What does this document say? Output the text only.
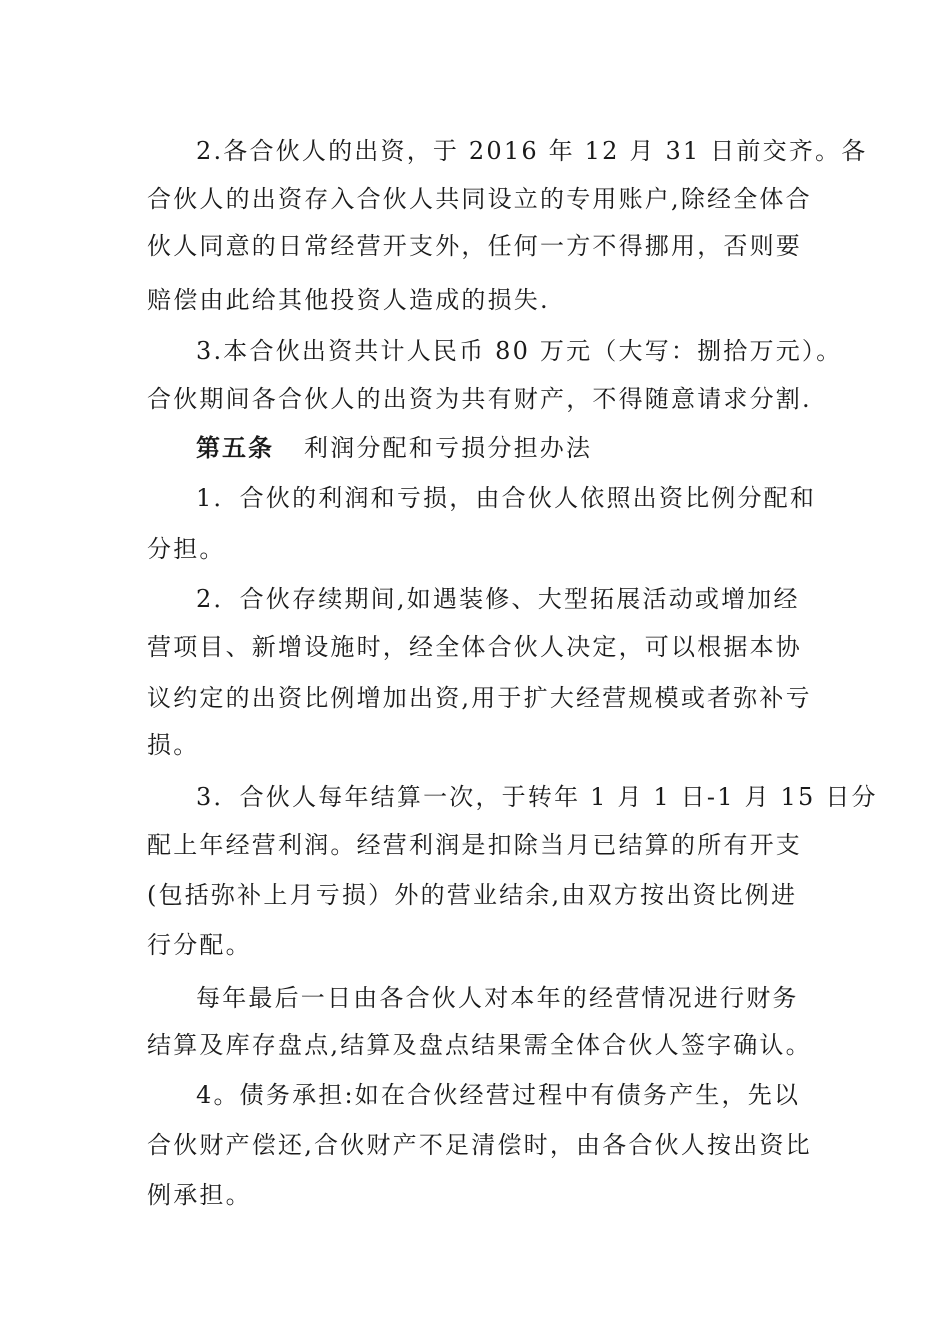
2.各合伙人的出资，于 2016 年 12 月 31 日前交齐。各
合伙人的出资存入合伙人共同设立的专用账户,除经全体合
伙人同意的日常经营开支外，任何一方不得挪用，否则要
赔偿由此给其他投资人造成的损失.
3.本合伙出资共计人民币 80 万元（大写：捌拾万元）。
合伙期间各合伙人的出资为共有财产，不得随意请求分割.
第五条 利润分配和亏损分担办法
1．合伙的利润和亏损，由合伙人依照出资比例分配和
分担。
2．合伙存续期间,如遇装修、大型拓展活动或增加经
营项目、新增设施时，经全体合伙人决定，可以根据本协
议约定的出资比例增加出资,用于扩大经营规模或者弥补亏
损。
3．合伙人每年结算一次，于转年 1 月 1 日-1 月 15 日分
配上年经营利润。经营利润是扣除当月已结算的所有开支
(包括弥补上月亏损）外的营业结余,由双方按出资比例进
行分配。
每年最后一日由各合伙人对本年的经营情况进行财务
结算及库存盘点,结算及盘点结果需全体合伙人签字确认。
4。债务承担:如在合伙经营过程中有债务产生，先以
合伙财产偿还,合伙财产不足清偿时，由各合伙人按出资比
例承担。
